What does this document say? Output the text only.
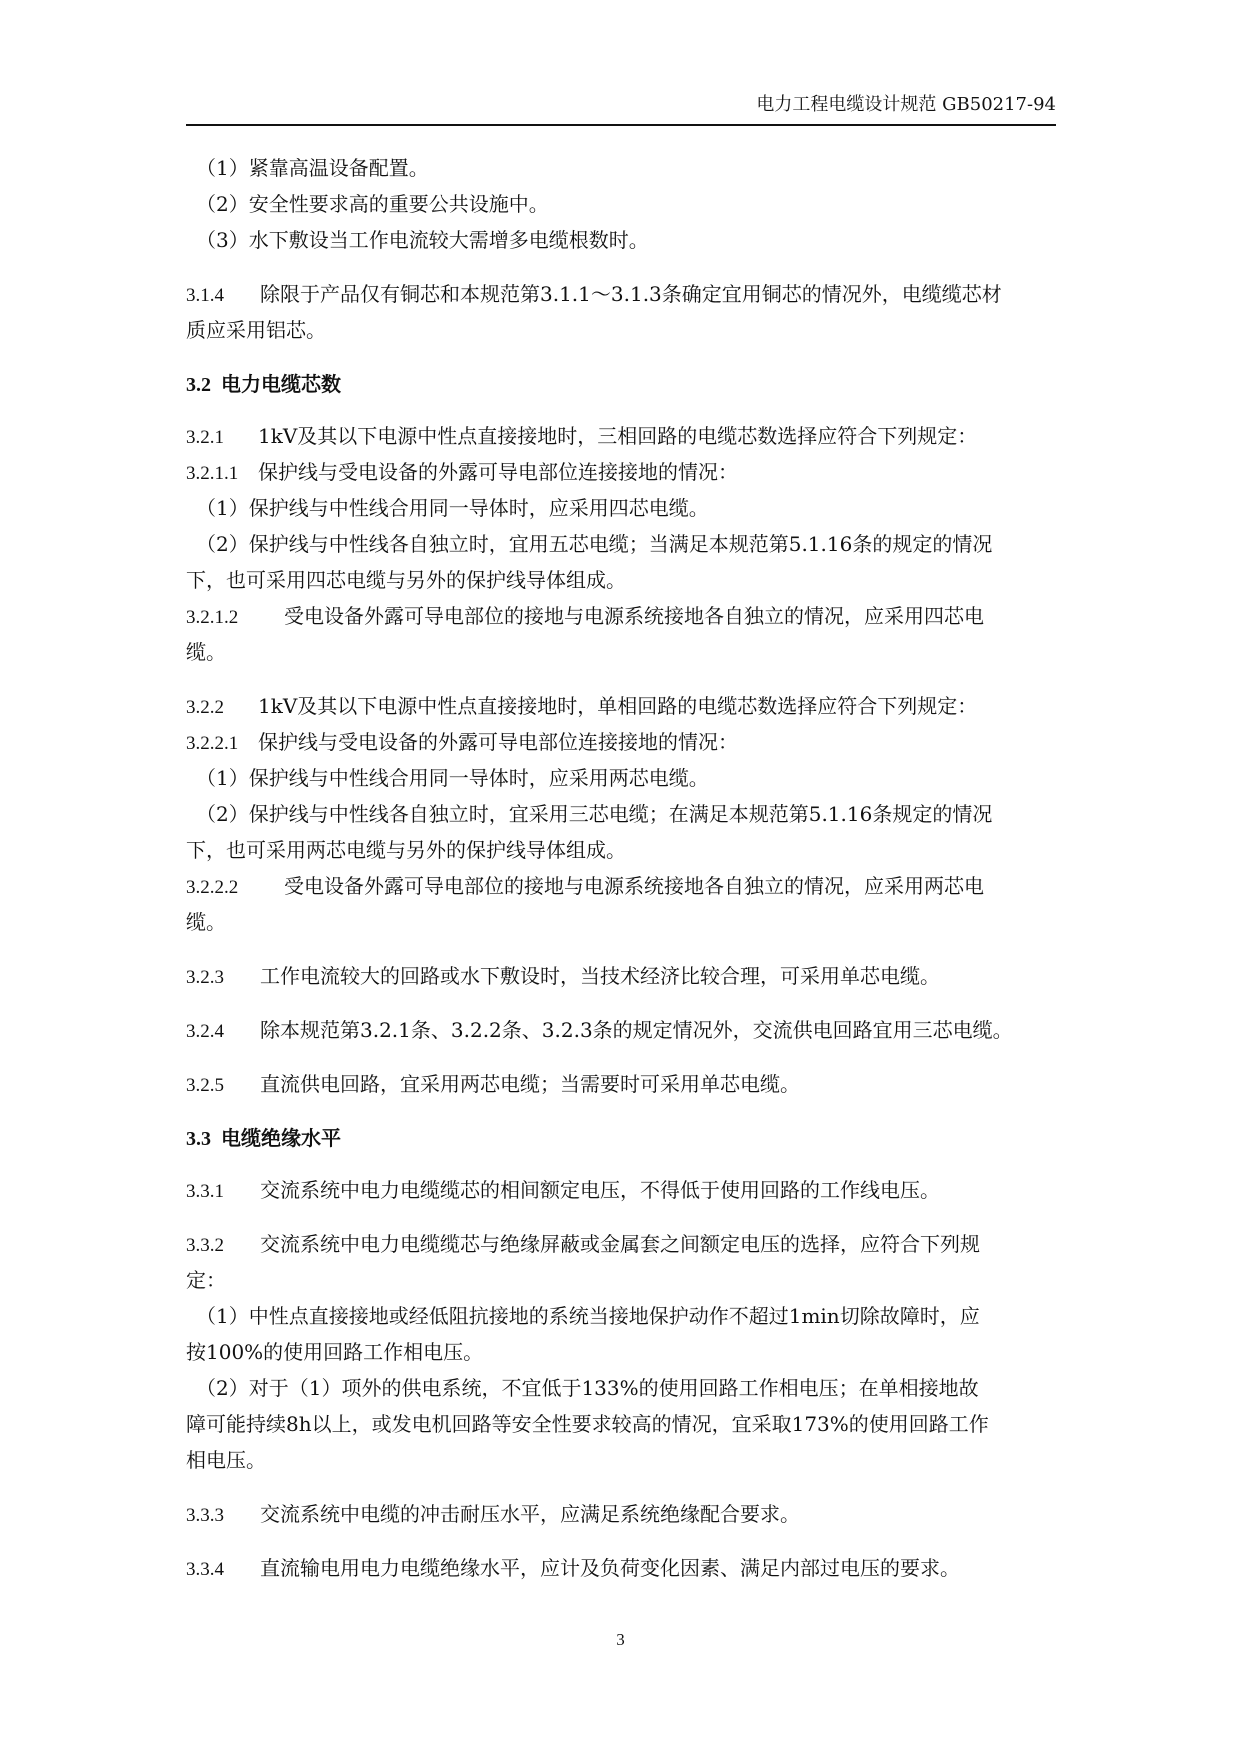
电力工程电缆设计规范 GB50217-94
（1）紧靠高温设备配置。
（2）安全性要求高的重要公共设施中。
（3）水下敷设当工作电流较大需增多电缆根数时。
3.1.4 除限于产品仅有铜芯和本规范第3.1.1～3.1.3条确定宜用铜芯的情况外，电缆缆芯材
质应采用铝芯。
3.2 电力电缆芯数
3.2.1 1kV及其以下电源中性点直接接地时，三相回路的电缆芯数选择应符合下列规定：
3.2.1.1 保护线与受电设备的外露可导电部位连接接地的情况：
（1）保护线与中性线合用同一导体时，应采用四芯电缆。
（2）保护线与中性线各自独立时，宜用五芯电缆；当满足本规范第5.1.16条的规定的情况
下，也可采用四芯电缆与另外的保护线导体组成。
3.2.1.2 受电设备外露可导电部位的接地与电源系统接地各自独立的情况，应采用四芯电
缆。
3.2.2 1kV及其以下电源中性点直接接地时，单相回路的电缆芯数选择应符合下列规定：
3.2.2.1 保护线与受电设备的外露可导电部位连接接地的情况：
（1）保护线与中性线合用同一导体时，应采用两芯电缆。
（2）保护线与中性线各自独立时，宜采用三芯电缆；在满足本规范第5.1.16条规定的情况
下，也可采用两芯电缆与另外的保护线导体组成。
3.2.2.2 受电设备外露可导电部位的接地与电源系统接地各自独立的情况，应采用两芯电
缆。
3.2.3 工作电流较大的回路或水下敷设时，当技术经济比较合理，可采用单芯电缆。
3.2.4 除本规范第3.2.1条、3.2.2条、3.2.3条的规定情况外，交流供电回路宜用三芯电缆。
3.2.5 直流供电回路，宜采用两芯电缆；当需要时可采用单芯电缆。
3.3 电缆绝缘水平
3.3.1 交流系统中电力电缆缆芯的相间额定电压，不得低于使用回路的工作线电压。
3.3.2 交流系统中电力电缆缆芯与绝缘屏蔽或金属套之间额定电压的选择，应符合下列规
定：
（1）中性点直接接地或经低阻抗接地的系统当接地保护动作不超过1min切除故障时，应
按100%的使用回路工作相电压。
（2）对于（1）项外的供电系统，不宜低于133%的使用回路工作相电压；在单相接地故
障可能持续8h以上，或发电机回路等安全性要求较高的情况，宜采取173%的使用回路工作
相电压。
3.3.3 交流系统中电缆的冲击耐压水平，应满足系统绝缘配合要求。
3.3.4 直流输电用电力电缆绝缘水平，应计及负荷变化因素、满足内部过电压的要求。
3
